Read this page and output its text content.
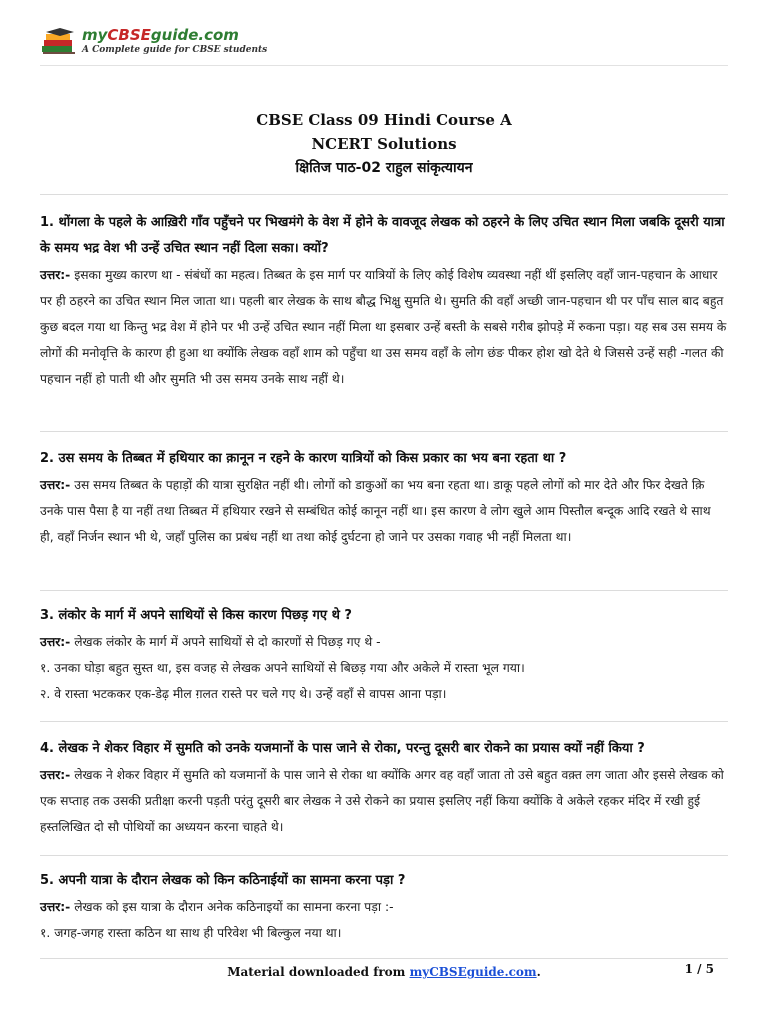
myCBSEguide.com
A Complete guide for CBSE students
CBSE Class 09 Hindi Course A
NCERT Solutions
क्षितिज पाठ-02 राहुल सांकृत्यायन
1. थोंगला के पहले के आख़िरी गाँव पहुँचने पर भिखमंगे के वेश में होने के वावजूद लेखक को ठहरने के लिए उचित स्थान मिला जबकि दूसरी यात्रा के समय भद्र वेश भी उन्हें उचित स्थान नहीं दिला सका। क्यों?
उत्तर:- इसका मुख्य कारण था - संबंधों का महत्व। तिब्बत के इस मार्ग पर यात्रियों के लिए कोई विशेष व्यवस्था नहीं थीं इसलिए वहाँ जान-पहचान के आधार पर ही ठहरने का उचित स्थान मिल जाता था। पहली बार लेखक के साथ बौद्ध भिक्षु सुमति थे। सुमति की वहाँ अच्छी जान-पहचान थी पर पाँच साल बाद बहुत कुछ बदल गया था किन्तु भद्र वेश में होने पर भी उन्हें उचित स्थान नहीं मिला था इसबार उन्हें बस्ती के सबसे गरीब झोपड़े में रुकना पड़ा। यह सब उस समय के लोगों की मनोवृत्ति के कारण ही हुआ था क्योंकि लेखक वहाँ शाम को पहुँचा था उस समय वहाँ के लोग छंङ पीकर होश खो देते थे जिससे उन्हें सही -गलत की पहचान नहीं हो पाती थी और सुमति भी उस समय उनके साथ नहीं थे।
2. उस समय के तिब्बत में हथियार का क़ानून न रहने के कारण यात्रियों को किस प्रकार का भय बना रहता था ?
उत्तर:- उस समय तिब्बत के पहाड़ों की यात्रा सुरक्षित नहीं थी। लोगों को डाकुओं का भय बना रहता था। डाकू पहले लोगों को मार देते और फिर देखते क़ि उनके पास पैसा है या नहीं तथा तिब्बत में हथियार रखने से सम्बंधित कोई कानून नहीं था। इस कारण वे लोग खुले आम पिस्तौल बन्दूक आदि रखते थे साथ ही, वहाँ निर्जन स्थान भी थे, जहाँ पुलिस का प्रबंध नहीं था तथा कोई दुर्घटना हो जाने पर उसका गवाह भी नहीं मिलता था।
3. लंकोर के मार्ग में अपने साथियों से किस कारण पिछड़ गए थे ?
उत्तर:- लेखक लंकोर के मार्ग में अपने साथियों से दो कारणों से पिछड़ गए थे -
१. उनका घोड़ा बहुत सुस्त था, इस वजह से लेखक अपने साथियों से बिछड़ गया और अकेले में रास्ता भूल गया।
२. वे रास्ता भटककर एक-डेढ़ मील ग़लत रास्ते पर चले गए थे। उन्हें वहाँ से वापस आना पड़ा।
4. लेखक ने शेकर विहार में सुमति को उनके यजमानों के पास जाने से रोका, परन्तु दूसरी बार रोकने का प्रयास क्यों नहीं किया ?
उत्तर:- लेखक ने शेकर विहार में सुमति को यजमानों के पास जाने से रोका था क्योंकि अगर वह वहाँ जाता तो उसे बहुत वक़्त लग जाता और इससे लेखक को एक सप्ताह तक उसकी प्रतीक्षा करनी पड़ती परंतु दूसरी बार लेखक ने उसे रोकने का प्रयास इसलिए नहीं किया क्योंकि वे अकेले रहकर मंदिर में रखी हुई हस्तलिखित दो सौ पोथियों का अध्ययन करना चाहते थे।
5. अपनी यात्रा के दौरान लेखक को किन कठिनाईयों का सामना करना पड़ा ?
उत्तर:- लेखक को इस यात्रा के दौरान अनेक कठिनाइयों का सामना करना पड़ा :-
१. जगह-जगह रास्ता कठिन था साथ ही परिवेश भी बिल्कुल नया था।
Material downloaded from myCBSEguide.com.	1 / 5
